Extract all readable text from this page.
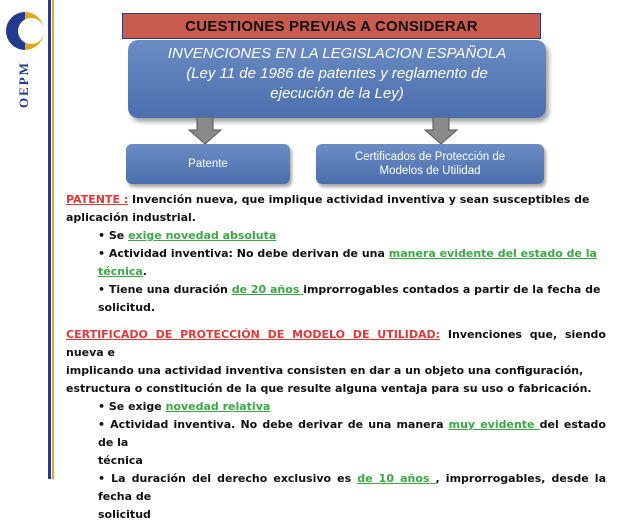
OEPM
CUESTIONES PREVIAS A CONSIDERAR
INVENCIONES EN LA LEGISLACION ESPAÑOLA
(Ley 11 de 1986 de patentes y reglamento de
ejecución de la Ley)
Patente
Certificados de Protección de
Modelos de Utilidad
PATENTE : Invención nueva, que implique actividad inventiva y sean susceptibles de
aplicación industrial.
• Se exige novedad absoluta
• Actividad inventiva: No debe derivan de una manera evidente del estado de la
técnica.
• Tiene una duración de 20 años improrrogables contados a partir de la fecha de
solicitud.
CERTIFICADO DE PROTECCIÓN DE MODELO DE UTILIDAD: Invenciones que, siendo nueva e
implicando una actividad inventiva consisten en dar a un objeto una configuración,
estructura o constitución de la que resulte alguna ventaja para su uso o fabricación.
• Se exige novedad relativa
• Actividad inventiva. No debe derivar de una manera muy evidente del estado de la
técnica
• La duración del derecho exclusivo es de 10 años , improrrogables, desde la fecha de
solicitud
